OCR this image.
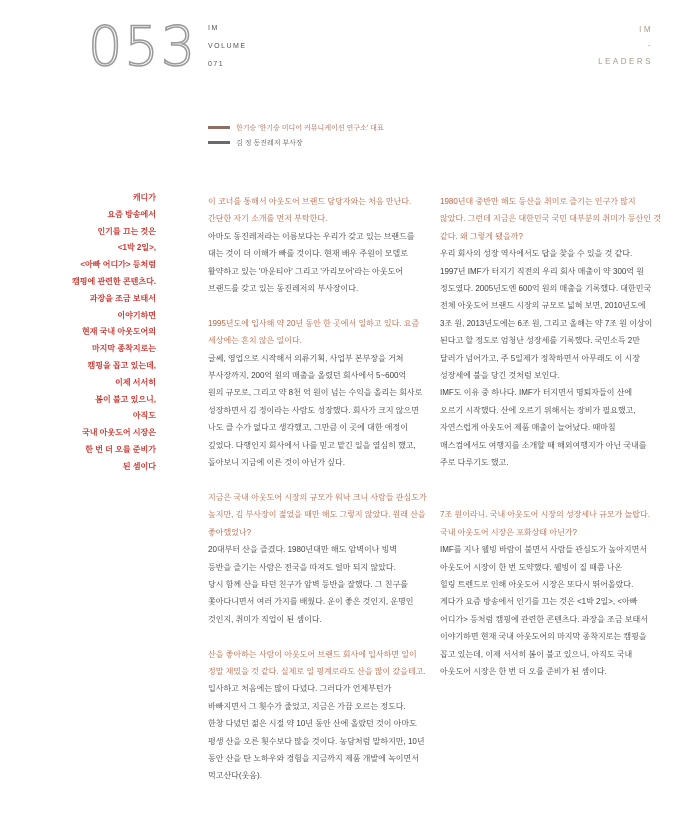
053 IM
VOLUME
071
IM
-
LEADERS
한기승 '한기승 미디어 커뮤니케이션 연구소' 대표
김 정 동진레저 부사장
캐디가
요즘 방송에서
인기를 끄는 것은
<1박 2일>,
<아빠 어디가> 등처럼
캠핑에 관련한 콘텐츠다.
과장을 조금 보태서
이야기하면
현재 국내 아웃도어의
마지막 종착지로는
캠핑을 꼽고 있는데,
이제 서서히
봄이 불고 있으니,
아직도
국내 아웃도어 시장은
한 번 더 오를 준비가
된 셈이다

이 코너를 통해서 아웃도어 브랜드 담당자와는 처음 만난다.

간단한 자기 소개를 먼저 부탁한다.

아마도 동진레저라는 이름보다는 우리가 갖고 있는 브랜드를

대는 것이 더 이해가 빠를 것이다. 현재 배우 주원이 모델로

활약하고 있는 '마운티아' 그리고 '카리모어'라는 아웃도어

브랜드를 갖고 있는 동진레저의 부사장이다.

1995년도에 입사해 약 20년 동안 한 곳에서 일하고 있다. 요즘

세상에는 흔치 않은 일이다.

글쎄, 영업으로 시작해서 의류기획, 사업부 본부장을 거쳐

부사장까지, 200억 원의 매출을 올렸던 회사에서 5~600억

원의 규모로, 그리고 약 8천 억 원이 넘는 수익을 올리는 회사로

성장하면서 김 정이라는 사람도 성장했다. 회사가 크지 않으면

나도 클 수가 없다고 생각했고, 그만큼 이 곳에 대한 애정이

깊었다. 다행인지 회사에서 나를 믿고 맡긴 일을 열심히 했고,

돌아보니 지금에 이른 것이 아닌가 싶다.

지금은 국내 아웃도어 시장의 규모가 워낙 크니 사람들 관심도가

높지만, 김 부사장이 젊었을 때만 해도 그렇지 않았다. 원래 산을

좋아했었나?

20대부터 산을 즐겼다. 1980년대만 해도 암벽이나 빙벽

등반을 즐기는 사람은 전국을 따져도 얼마 되지 않았다.

당시 함께 산을 타던 친구가 암벽 등반을 잘했다. 그 친구를

쫓아다니면서 여러 가지를 배웠다. 운이 좋은 것인지, 운명인

것인지, 취미가 직업이 된 셈이다.

산을 좋아하는 사람이 아웃도어 브랜드 회사에 입사하면 일이

정말 재밌을 것 같다. 실제로 일 핑계로라도 산을 많이 갔을테고.

입사하고 처음에는 많이 다녔다. 그러다가 언제부턴가

바빠지면서 그 횟수가 줄었고, 지금은 가끔 오르는 정도다.

한창 다녔던 젊은 시절 약 10년 동안 산에 올랐던 것이 아마도

평생 산을 오른 횟수보다 많을 것이다. 농담처럼 말하지만, 10년

동안 산을 탄 노하우와 경험을 지금까지 제품 개발에 녹이면서

먹고산다(웃음).

1980년대 중반만 해도 등산을 취미로 즐기는 인구가 많지

않았다. 그런데 지금은 대한민국 국민 대부분의 취미가 등산인 것

같다. 왜 그렇게 됐을까?

우리 회사의 성장 역사에서도 답을 찾을 수 있을 것 같다.

1997년 IMF가 터지기 직전의 우리 회사 매출이 약 300억 원

정도였다. 2005년도엔 600억 원의 매출을 기록했다. 대한민국

전체 아웃도어 브랜드 시장의 규모로 넓혀 보면, 2010년도에

3조 원, 2013년도에는 6조 원, 그리고 올해는 약 7조 원 이상이

된다고 할 정도로 엄청난 성장세를 기록했다. 국민소득 2만

달러가 넘어가고, 주 5일제가 정착하면서 아무래도 이 시장

성장세에 불을 당긴 것처럼 보인다.

IMF도 이유 중 하나다. IMF가 터지면서 명퇴자들이 산에

오르기 시작했다. 산에 오르기 위해서는 장비가 필요했고,

자연스럽게 아웃도어 제품 매출이 늘어났다. 때마침

매스컴에서도 여행지를 소개할 때 해외여행지가 아닌 국내를

주로 다루기도 했고.

7조 원이라니. 국내 아웃도어 시장의 성장세나 규모가 놀랍다.

국내 아웃도어 시장은 포화상태 아닌가?

IMF를 지나 웰빙 바람이 불면서 사람들 관심도가 높아지면서

아웃도어 시장이 한 번 도약했다. 웰빙이 질 때쯤 나온

힐링 트렌드로 인해 아웃도어 시장은 또다시 뛰어올랐다.

게다가 요즘 방송에서 인기를 끄는 것은 <1박 2일>, <아빠

어디가> 등처럼 캠핑에 관련한 콘텐츠다. 과장을 조금 보태서

이야기하면 현재 국내 아웃도어의 마지막 종착지로는 캠핑을

꼽고 있는데, 이제 서서히 봄이 불고 있으니, 아직도 국내

아웃도어 시장은 한 번 더 오를 준비가 된 셈이다.
